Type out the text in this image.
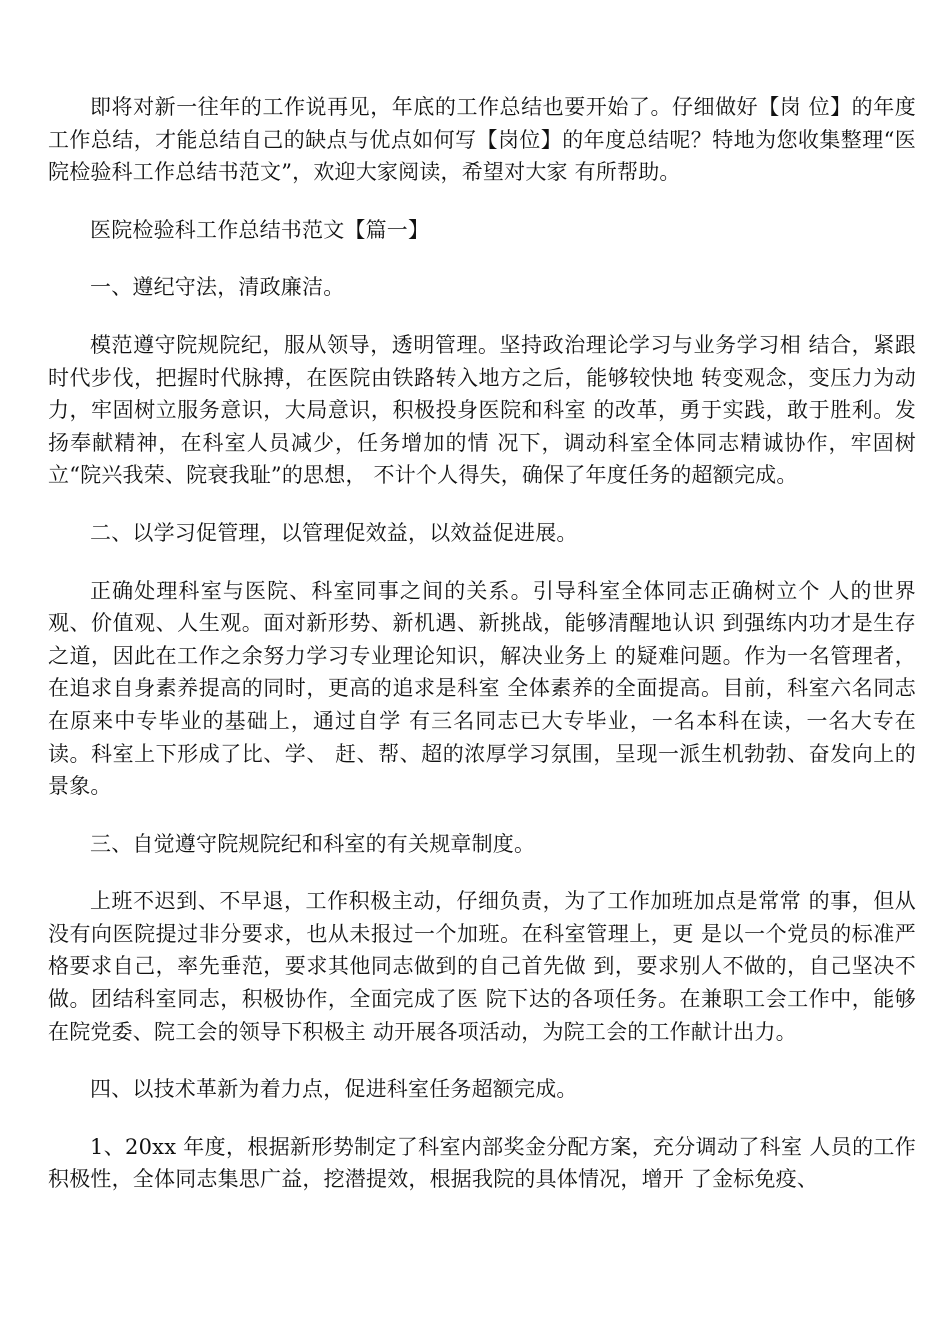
即将对新一往年的工作说再见，年底的工作总结也要开始了。仔细做好【岗 位】的年度工作总结，才能总结自己的缺点与优点如何写【岗位】的年度总结呢？特地为您收集整理“医院检验科工作总结书范文”，欢迎大家阅读，希望对大家 有所帮助。

医院检验科工作总结书范文【篇一】

一、遵纪守法，清政廉洁。

模范遵守院规院纪，服从领导，透明管理。坚持政治理论学习与业务学习相 结合，紧跟时代步伐，把握时代脉搏，在医院由铁路转入地方之后，能够较快地 转变观念，变压力为动力，牢固树立服务意识，大局意识，积极投身医院和科室 的改革，勇于实践，敢于胜利。发扬奉献精神，在科室人员减少，任务增加的情 况下，调动科室全体同志精诚协作，牢固树立“院兴我荣、院衰我耻”的思想， 不计个人得失，确保了年度任务的超额完成。

二、以学习促管理，以管理促效益，以效益促进展。

正确处理科室与医院、科室同事之间的关系。引导科室全体同志正确树立个 人的世界观、价值观、人生观。面对新形势、新机遇、新挑战，能够清醒地认识 到强练内功才是生存之道，因此在工作之余努力学习专业理论知识，解决业务上 的疑难问题。作为一名管理者，在追求自身素养提高的同时，更高的追求是科室 全体素养的全面提高。目前，科室六名同志在原来中专毕业的基础上，通过自学 有三名同志已大专毕业，一名本科在读，一名大专在读。科室上下形成了比、学、 赶、帮、超的浓厚学习氛围，呈现一派生机勃勃、奋发向上的景象。

三、自觉遵守院规院纪和科室的有关规章制度。

上班不迟到、不早退，工作积极主动，仔细负责，为了工作加班加点是常常 的事，但从没有向医院提过非分要求，也从未报过一个加班。在科室管理上，更 是以一个党员的标准严格要求自己，率先垂范，要求其他同志做到的自己首先做 到，要求别人不做的，自己坚决不做。团结科室同志，积极协作，全面完成了医 院下达的各项任务。在兼职工会工作中，能够在院党委、院工会的领导下积极主 动开展各项活动，为院工会的工作献计出力。

四、以技术革新为着力点，促进科室任务超额完成。

1、20xx 年度，根据新形势制定了科室内部奖金分配方案，充分调动了科室 人员的工作积极性，全体同志集思广益，挖潜提效，根据我院的具体情况，增开 了金标免疫、
